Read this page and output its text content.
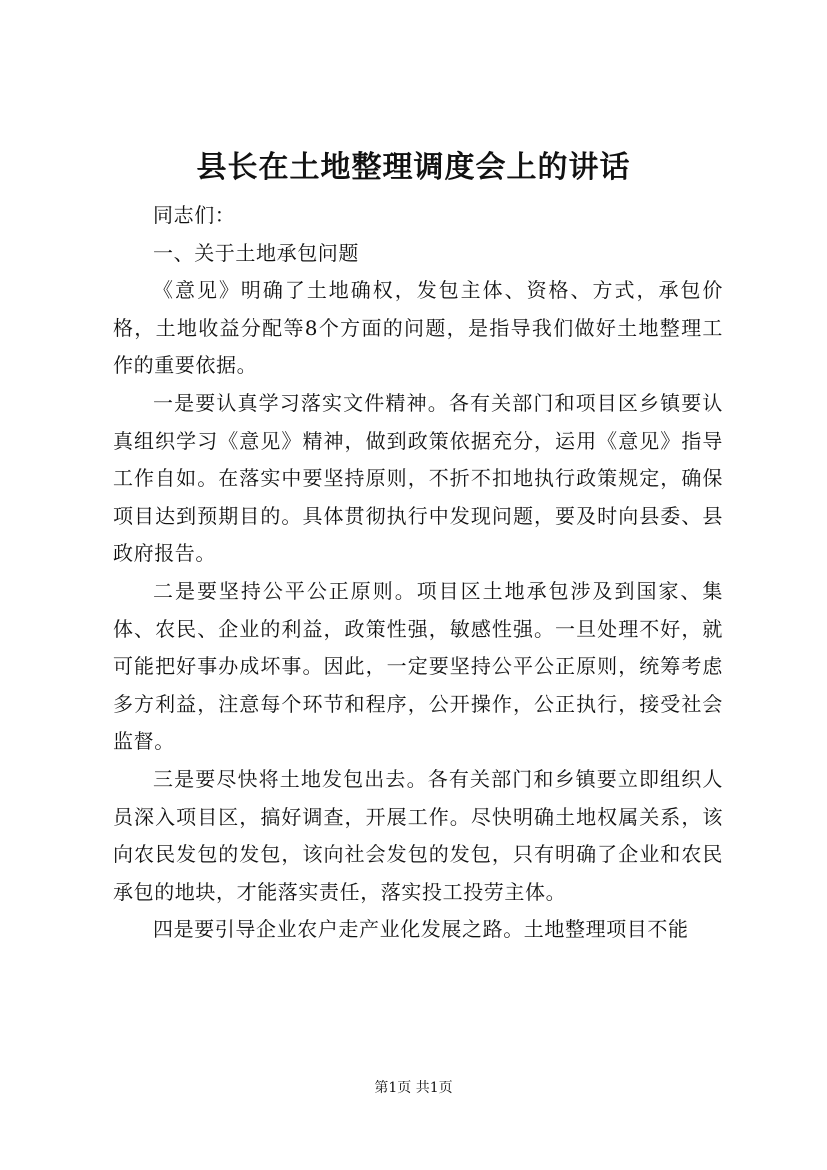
县长在土地整理调度会上的讲话

同志们：

一、关于土地承包问题

《意见》明确了土地确权，发包主体、资格、方式，承包价格，土地收益分配等8个方面的问题，是指导我们做好土地整理工作的重要依据。

一是要认真学习落实文件精神。各有关部门和项目区乡镇要认真组织学习《意见》精神，做到政策依据充分，运用《意见》指导工作自如。在落实中要坚持原则，不折不扣地执行政策规定，确保项目达到预期目的。具体贯彻执行中发现问题，要及时向县委、县政府报告。

二是要坚持公平公正原则。项目区土地承包涉及到国家、集体、农民、企业的利益，政策性强，敏感性强。一旦处理不好，就可能把好事办成坏事。因此，一定要坚持公平公正原则，统筹考虑多方利益，注意每个环节和程序，公开操作，公正执行，接受社会监督。

三是要尽快将土地发包出去。各有关部门和乡镇要立即组织人员深入项目区，搞好调查，开展工作。尽快明确土地权属关系，该向农民发包的发包，该向社会发包的发包，只有明确了企业和农民承包的地块，才能落实责任，落实投工投劳主体。

四是要引导企业农户走产业化发展之路。土地整理项目不能

第1页 共1页
